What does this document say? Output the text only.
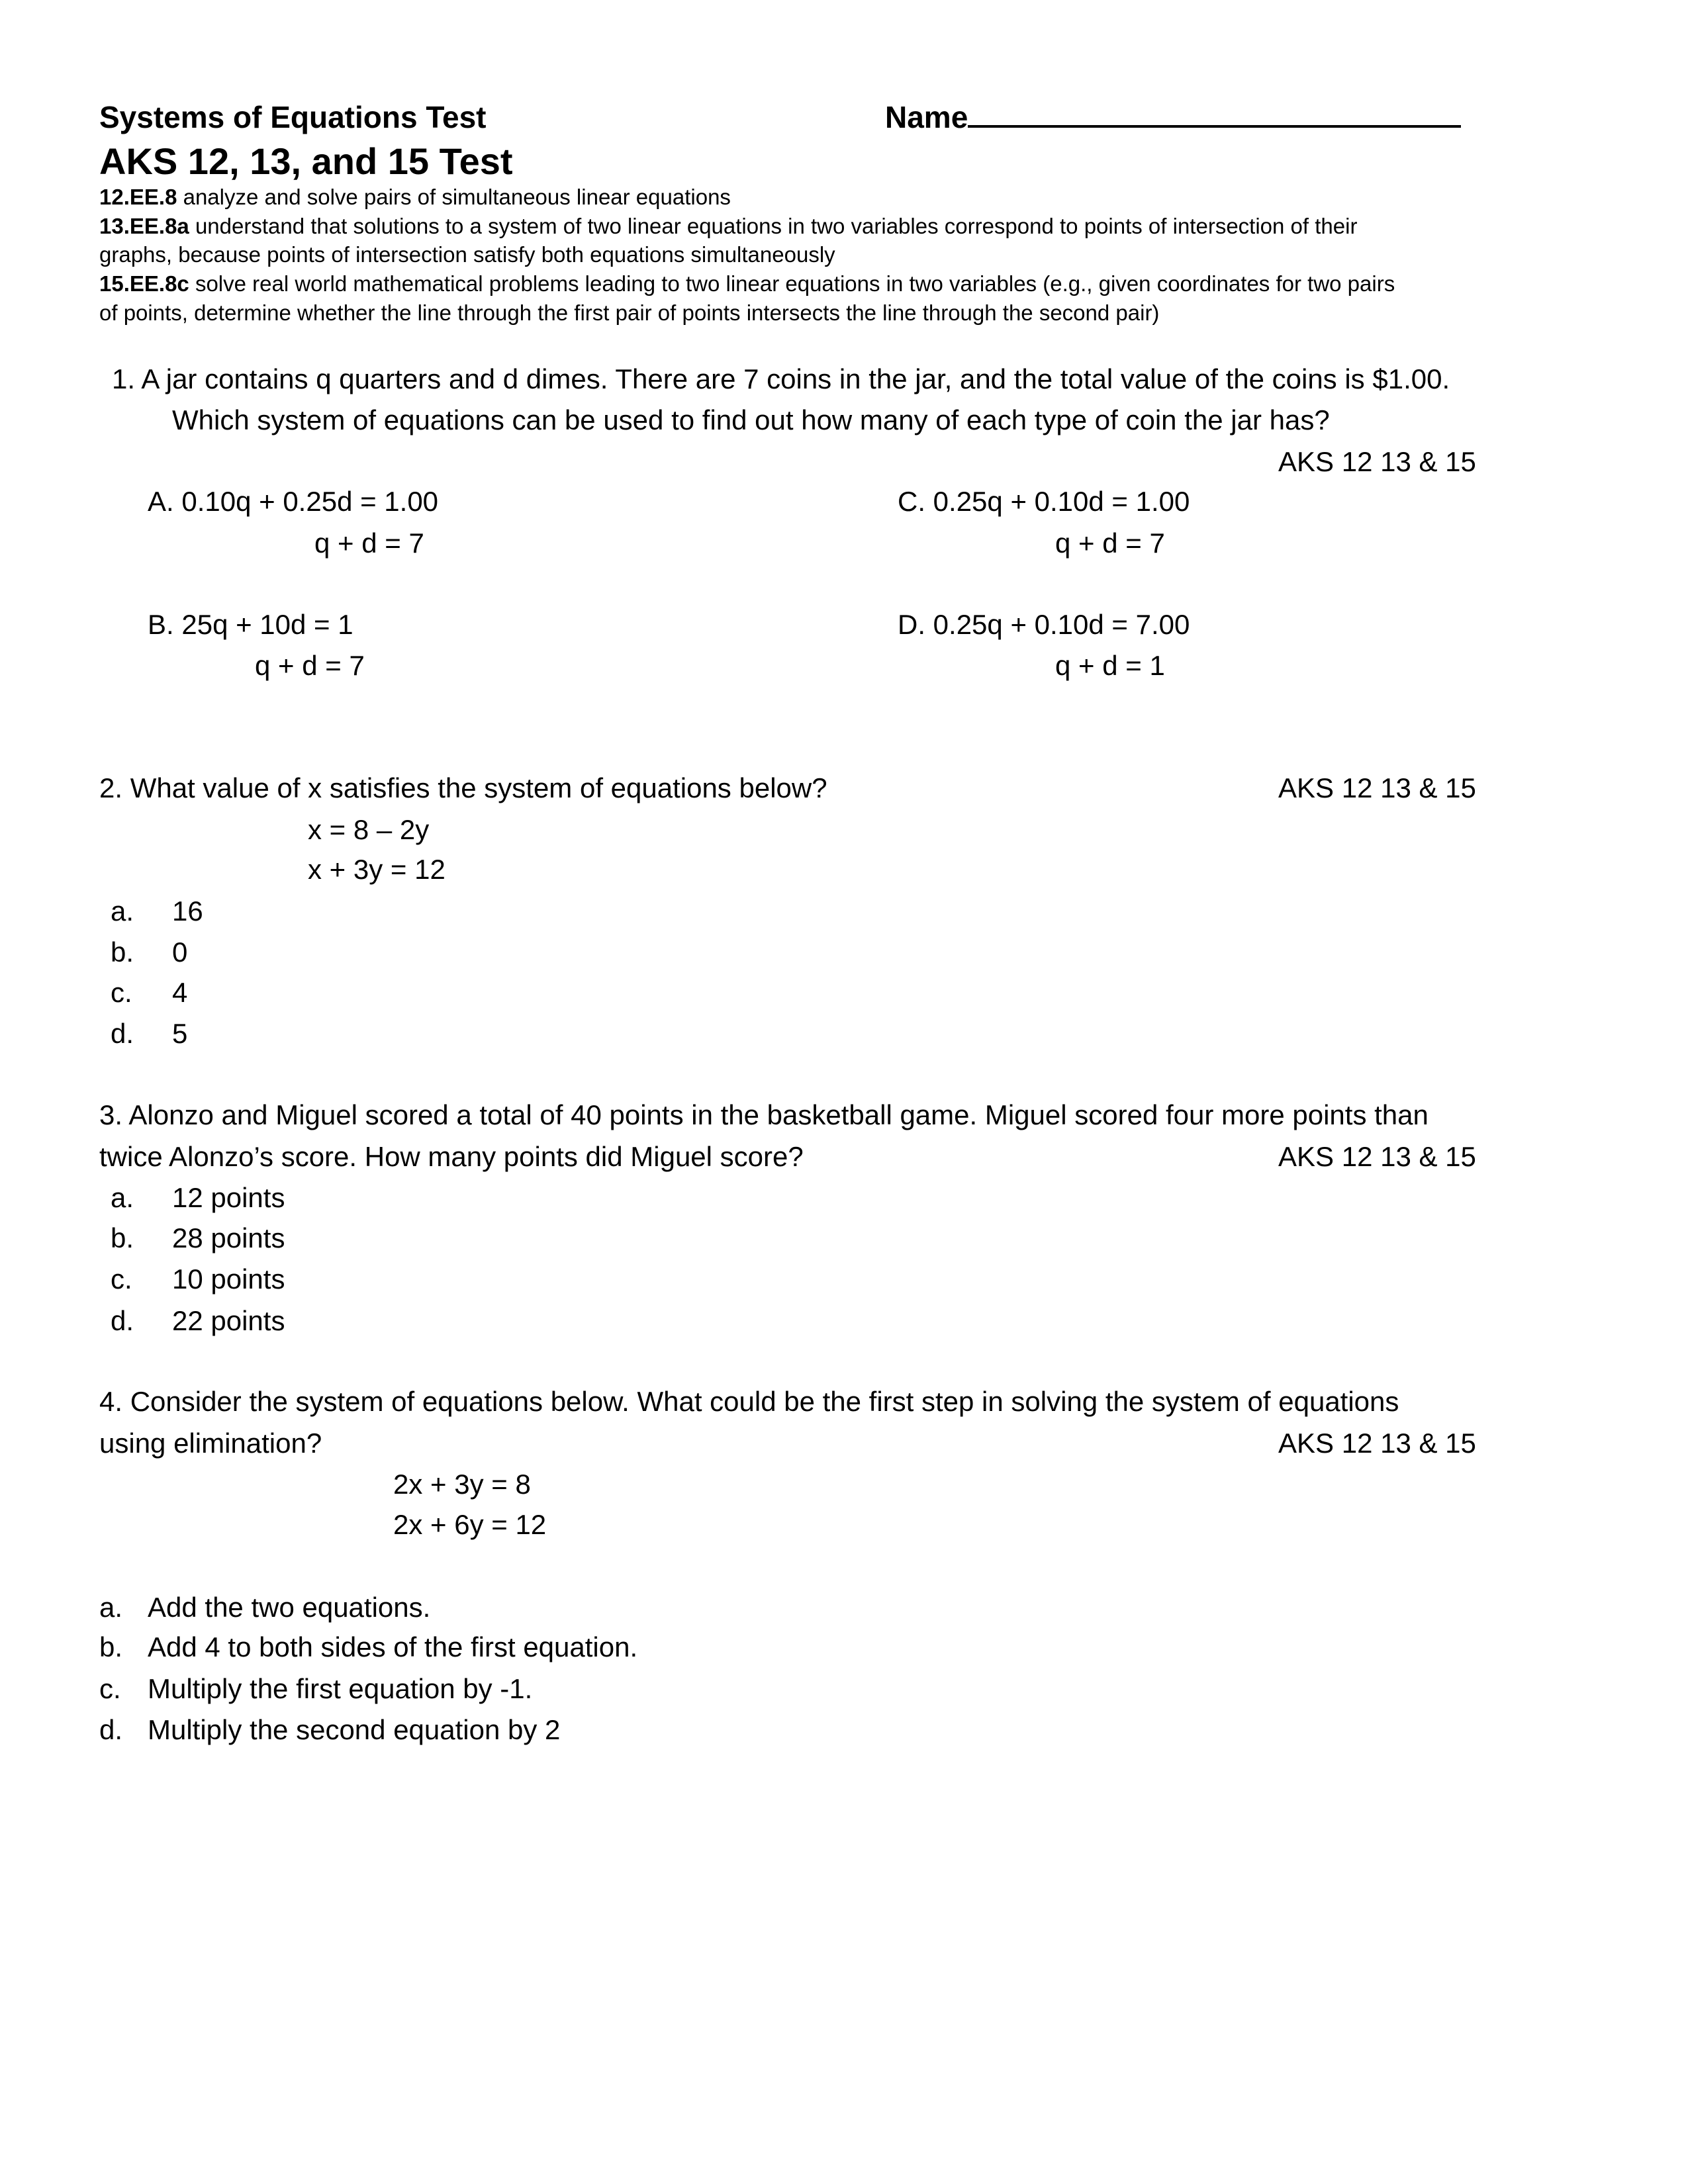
Systems of Equations Test	Name
AKS 12, 13, and 15 Test
12.EE.8 analyze and solve pairs of simultaneous linear equations
13.EE.8a understand that solutions to a system of two linear equations in two variables correspond to points of intersection of their
graphs, because points of intersection satisfy both equations simultaneously
15.EE.8c solve real world mathematical problems leading to two linear equations in two variables (e.g., given coordinates for two pairs
of points, determine whether the line through the first pair of points intersects the line through the second pair)
1. A jar contains q quarters and d dimes. There are 7 coins in the jar, and the total value of the coins is $1.00.
Which system of equations can be used to find out how many of each type of coin the jar has?
AKS 12 13 & 15
A. 0.10q + 0.25d = 1.00
q + d = 7
B. 25q + 10d = 1
q + d = 7
C. 0.25q + 0.10d = 1.00
q + d = 7
D. 0.25q + 0.10d = 7.00
q + d = 1
2. What value of x satisfies the system of equations below?	AKS 12 13 & 15
x = 8 – 2y
x + 3y = 12
a. 16
b. 0
c. 4
d. 5
3. Alonzo and Miguel scored a total of 40 points in the basketball game. Miguel scored four more points than
twice Alonzo’s score. How many points did Miguel score?	AKS 12 13 & 15
a. 12 points
b. 28 points
c. 10 points
d. 22 points
4. Consider the system of equations below. What could be the first step in solving the system of equations
using elimination?	AKS 12 13 & 15
2x + 3y = 8
2x + 6y = 12
a. Add the two equations.
b. Add 4 to both sides of the first equation.
c. Multiply the first equation by -1.
d. Multiply the second equation by 2
